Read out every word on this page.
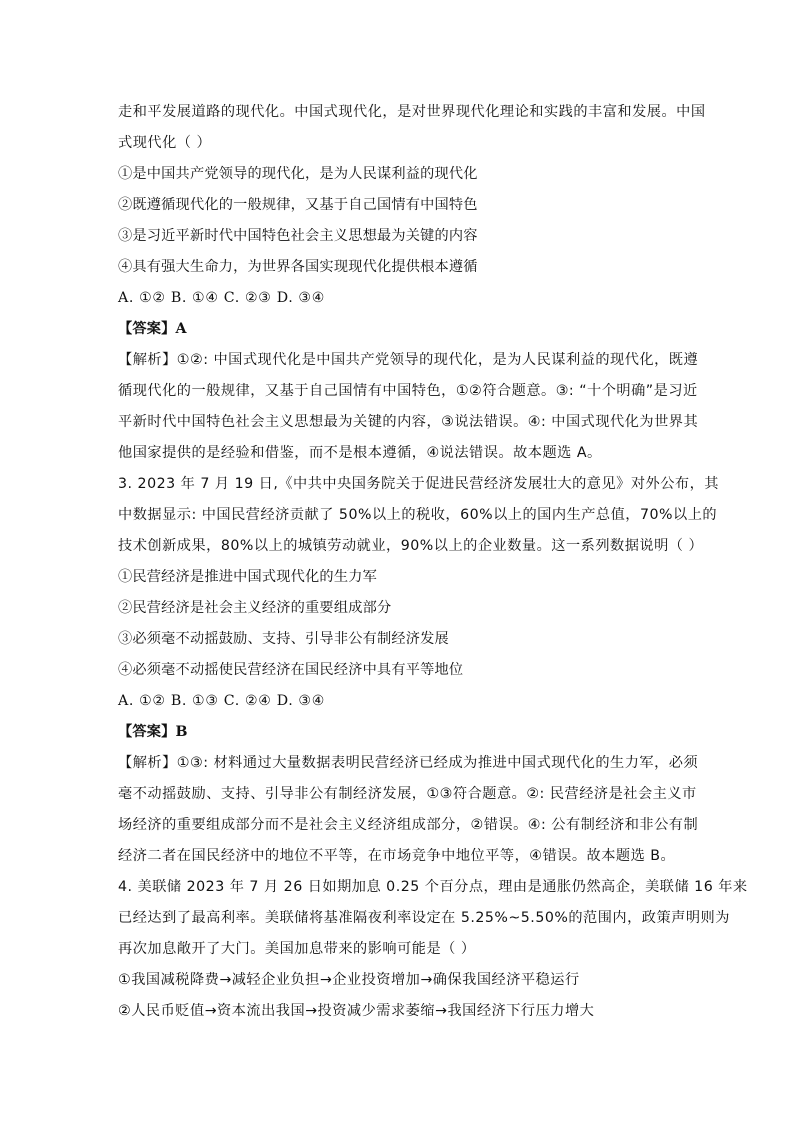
走和平发展道路的现代化。中国式现代化，是对世界现代化理论和实践的丰富和发展。中国
式现代化（ ）
①是中国共产党领导的现代化，是为人民谋利益的现代化
②既遵循现代化的一般规律，又基于自己国情有中国特色
③是习近平新时代中国特色社会主义思想最为关键的内容
④具有强大生命力，为世界各国实现现代化提供根本遵循
A. ①② B. ①④ C. ②③ D. ③④
【答案】A
【解析】①②: 中国式现代化是中国共产党领导的现代化，是为人民谋利益的现代化，既遵
循现代化的一般规律，又基于自己国情有中国特色，①②符合题意。③: “十个明确”是习近
平新时代中国特色社会主义思想最为关键的内容，③说法错误。④: 中国式现代化为世界其
他国家提供的是经验和借鉴，而不是根本遵循，④说法错误。故本题选 A。
3. 2023 年 7 月 19 日,《中共中央国务院关于促进民营经济发展壮大的意见》对外公布，其
中数据显示: 中国民营经济贡献了 50%以上的税收，60%以上的国内生产总值，70%以上的
技术创新成果，80%以上的城镇劳动就业，90%以上的企业数量。这一系列数据说明（ ）
①民营经济是推进中国式现代化的生力军
②民营经济是社会主义经济的重要组成部分
③必须毫不动摇鼓励、支持、引导非公有制经济发展
④必须毫不动摇使民营经济在国民经济中具有平等地位
A. ①② B. ①③ C. ②④ D. ③④
【答案】B
【解析】①③: 材料通过大量数据表明民营经济已经成为推进中国式现代化的生力军，必须
毫不动摇鼓励、支持、引导非公有制经济发展，①③符合题意。②: 民营经济是社会主义市
场经济的重要组成部分而不是社会主义经济组成部分，②错误。④: 公有制经济和非公有制
经济二者在国民经济中的地位不平等，在市场竞争中地位平等，④错误。故本题选 B。
4. 美联储 2023 年 7 月 26 日如期加息 0.25 个百分点，理由是通胀仍然高企，美联储 16 年来
已经达到了最高利率。美联储将基准隔夜利率设定在 5.25%~5.50%的范围内，政策声明则为
再次加息敞开了大门。美国加息带来的影响可能是（ ）
①我国减税降费→减轻企业负担→企业投资增加→确保我国经济平稳运行
②人民币贬值→资本流出我国→投资减少需求萎缩→我国经济下行压力增大
